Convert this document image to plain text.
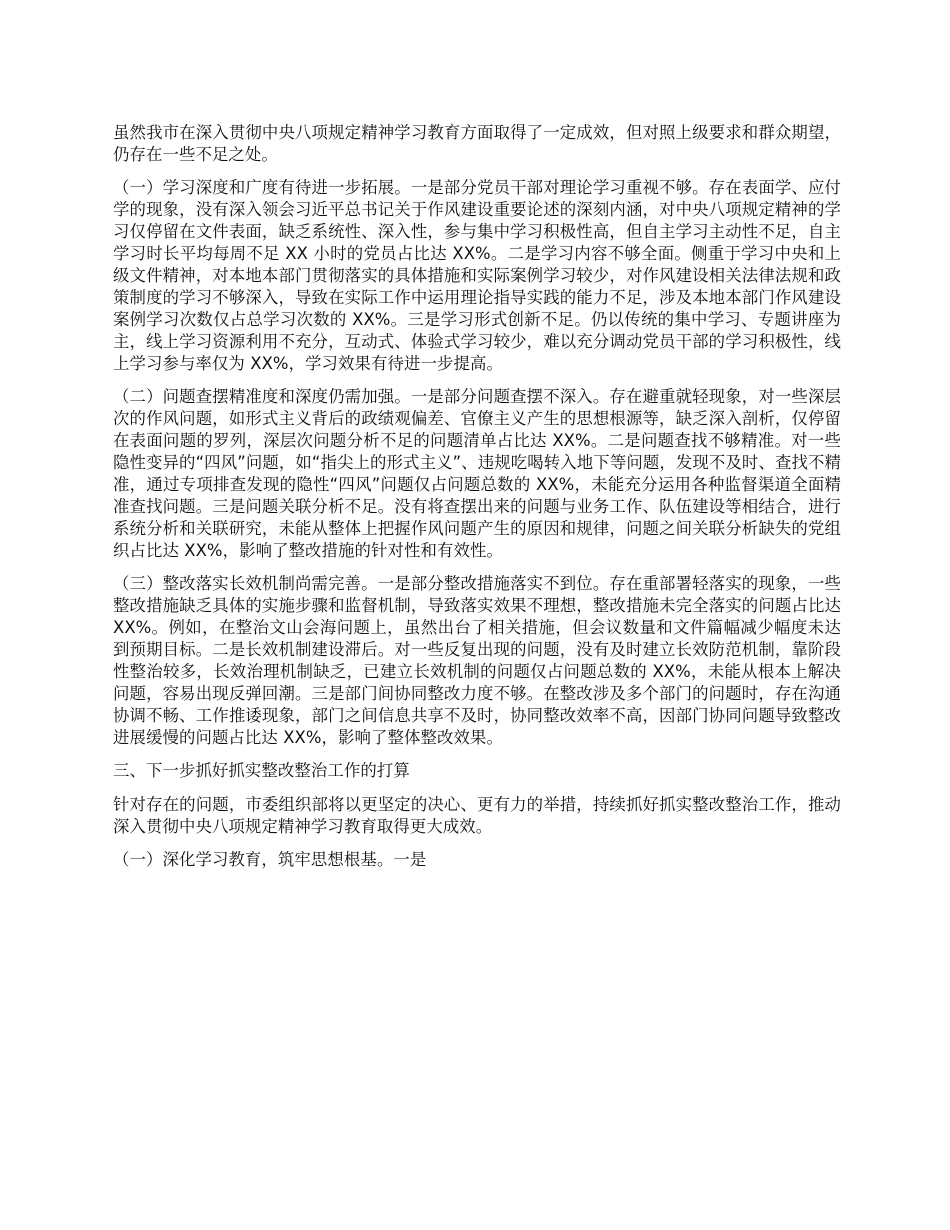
虽然我市在深入贯彻中央八项规定精神学习教育方面取得了一定成效，但对照上级要求和群众期望，仍存在一些不足之处。

（一）学习深度和广度有待进一步拓展。一是部分党员干部对理论学习重视不够。存在表面学、应付学的现象，没有深入领会习近平总书记关于作风建设重要论述的深刻内涵，对中央八项规定精神的学习仅停留在文件表面，缺乏系统性、深入性，参与集中学习积极性高，但自主学习主动性不足，自主学习时长平均每周不足 XX 小时的党员占比达 XX%。二是学习内容不够全面。侧重于学习中央和上级文件精神，对本地本部门贯彻落实的具体措施和实际案例学习较少，对作风建设相关法律法规和政策制度的学习不够深入，导致在实际工作中运用理论指导实践的能力不足，涉及本地本部门作风建设案例学习次数仅占总学习次数的 XX%。三是学习形式创新不足。仍以传统的集中学习、专题讲座为主，线上学习资源利用不充分，互动式、体验式学习较少，难以充分调动党员干部的学习积极性，线上学习参与率仅为 XX%，学习效果有待进一步提高。

（二）问题查摆精准度和深度仍需加强。一是部分问题查摆不深入。存在避重就轻现象，对一些深层次的作风问题，如形式主义背后的政绩观偏差、官僚主义产生的思想根源等，缺乏深入剖析，仅停留在表面问题的罗列，深层次问题分析不足的问题清单占比达 XX%。二是问题查找不够精准。对一些隐性变异的“四风”问题，如“指尖上的形式主义”、违规吃喝转入地下等问题，发现不及时、查找不精准，通过专项排查发现的隐性“四风”问题仅占问题总数的 XX%，未能充分运用各种监督渠道全面精准查找问题。三是问题关联分析不足。没有将查摆出来的问题与业务工作、队伍建设等相结合，进行系统分析和关联研究，未能从整体上把握作风问题产生的原因和规律，问题之间关联分析缺失的党组织占比达 XX%，影响了整改措施的针对性和有效性。

（三）整改落实长效机制尚需完善。一是部分整改措施落实不到位。存在重部署轻落实的现象，一些整改措施缺乏具体的实施步骤和监督机制，导致落实效果不理想，整改措施未完全落实的问题占比达 XX%。例如，在整治文山会海问题上，虽然出台了相关措施，但会议数量和文件篇幅减少幅度未达到预期目标。二是长效机制建设滞后。对一些反复出现的问题，没有及时建立长效防范机制，靠阶段性整治较多，长效治理机制缺乏，已建立长效机制的问题仅占问题总数的 XX%，未能从根本上解决问题，容易出现反弹回潮。三是部门间协同整改力度不够。在整改涉及多个部门的问题时，存在沟通协调不畅、工作推诿现象，部门之间信息共享不及时，协同整改效率不高，因部门协同问题导致整改进展缓慢的问题占比达 XX%，影响了整体整改效果。

三、下一步抓好抓实整改整治工作的打算

针对存在的问题，市委组织部将以更坚定的决心、更有力的举措，持续抓好抓实整改整治工作，推动深入贯彻中央八项规定精神学习教育取得更大成效。

（一）深化学习教育，筑牢思想根基。一是
